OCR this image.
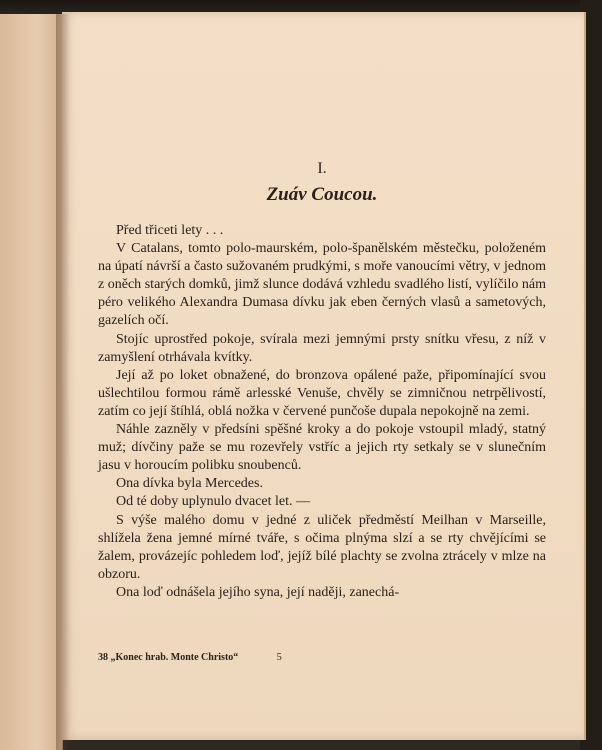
I.
Zuáv Coucou.

Před třiceti lety . . .

V Catalans, tomto polo-maurském, polo-španělském městečku, položeném na úpatí návrší a často sužovaném prudkými, s moře vanoucími větry, v jednom z oněch starých domků, jimž slunce dodává vzhledu svadlého listí, vylíčilo nám péro velikého Alexandra Dumasa dívku jak eben černých vlasů a sametových, gazelích očí.

Stojíc uprostřed pokoje, svírala mezi jemnými prsty snítku vřesu, z níž v zamyšlení otrhávala kvítky.

Její až po loket obnažené, do bronzova opálené paže, připomínající svou ušlechtilou formou rámě arlesské Venuše, chvěly se zimničnou netrpělivostí, zatím co její štíhlá, oblá nožka v červené punčoše dupala nepokojně na zemi.

Náhle zazněly v předsíni spěšné kroky a do pokoje vstoupil mladý, statný muž; dívčiny paže se mu rozevřely vstříc a jejich rty setkaly se v slunečním jasu v horoucím polibku snoubenců.

Ona dívka byla Mercedes.

Od té doby uplynulo dvacet let. —

S výše malého domu v jedné z uliček předměstí Meilhan v Marseille, shlížela žena jemné mírné tváře, s očima plnýma slzí a se rty chvějícími se žalem, provázejíc pohledem loď, jejíž bílé plachty se zvolna ztrácely v mlze na obzoru.

Ona loď odnášela jejího syna, její naději, zanechá-

38 „Konec hrab. Monte Christo“	5
